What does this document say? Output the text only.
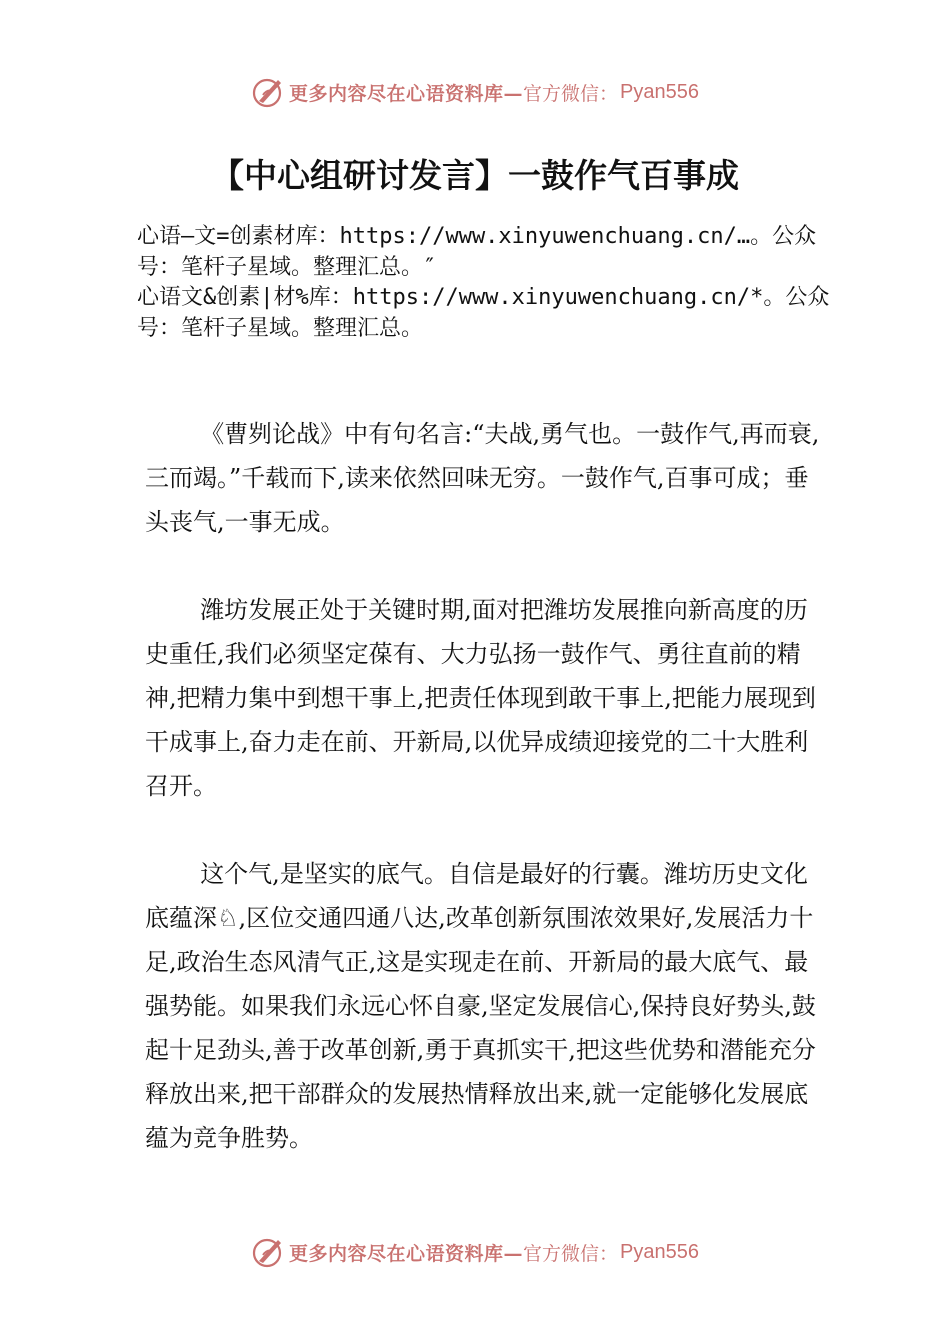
更多内容尽在心语资料库— 官方微信： Pyan556
【中心组研讨发言】一鼓作气百事成
心语—文=创素材库：https://www.xinyuwenchuang.cn/…。公众号：笔杆子星域。整理汇总。″
心语文&创素|材%库：https://www.xinyuwenchuang.cn/*。公众号：笔杆子星域。整理汇总。

《曹刿论战》中有句名言:“夫战,勇气也。一鼓作气,再而衰,三而竭。”千载而下,读来依然回味无穷。一鼓作气,百事可成；垂头丧气,一事无成。

潍坊发展正处于关键时期,面对把潍坊发展推向新高度的历史重任,我们必须坚定葆有、大力弘扬一鼓作气、勇往直前的精神,把精力集中到想干事上,把责任体现到敢干事上,把能力展现到干成事上,奋力走在前、开新局,以优异成绩迎接党的二十大胜利召开。

这个气,是坚实的底气。自信是最好的行囊。潍坊历史文化底蕴深♘,区位交通四通八达,改革创新氛围浓效果好,发展活力十足,政治生态风清气正,这是实现走在前、开新局的最大底气、最强势能。如果我们永远心怀自豪,坚定发展信心,保持良好势头,鼓起十足劲头,善于改革创新,勇于真抓实干,把这些优势和潜能充分释放出来,把干部群众的发展热情释放出来,就一定能够化发展底蕴为竞争胜势。

更多内容尽在心语资料库— 官方微信： Pyan556
